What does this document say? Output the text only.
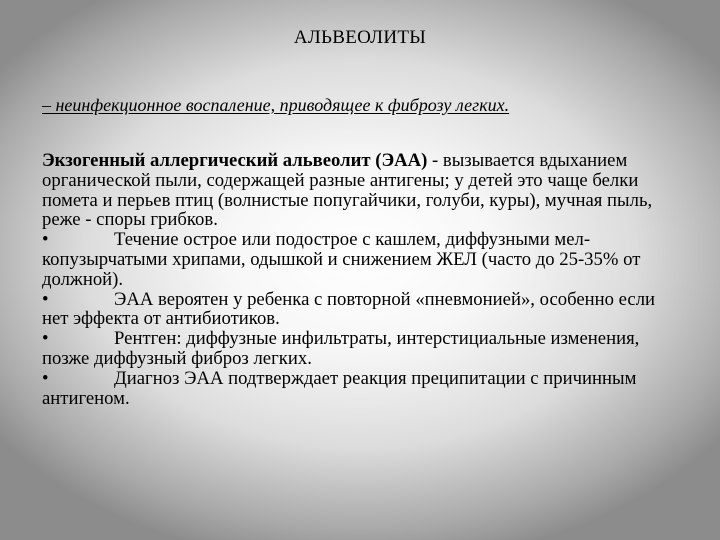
АЛЬВЕОЛИТЫ
– неинфекционное воспаление, приводящее к фиброзу легких.

Экзогенный аллергический альвеолит (ЭАА) - вызывается вдыханием органической пыли, содержащей разные антигены; у детей это чаще белки помета и перьев птиц (волнистые попугайчики, голуби, куры), мучная пыль, реже - споры грибков.

•	Течение острое или подострое с кашлем, диффузными мел-копузырчатыми хрипами, одышкой и снижением ЖЕЛ (часто до 25-35% от должной).

•	ЭАА вероятен у ребенка с повторной «пневмонией», особенно если нет эффекта от антибиотиков.

•	Рентген: диффузные инфильтраты, интерстициальные изменения, позже диффузный фиброз легких.

•	Диагноз ЭАА подтверждает реакция преципитации с причинным антигеном.
